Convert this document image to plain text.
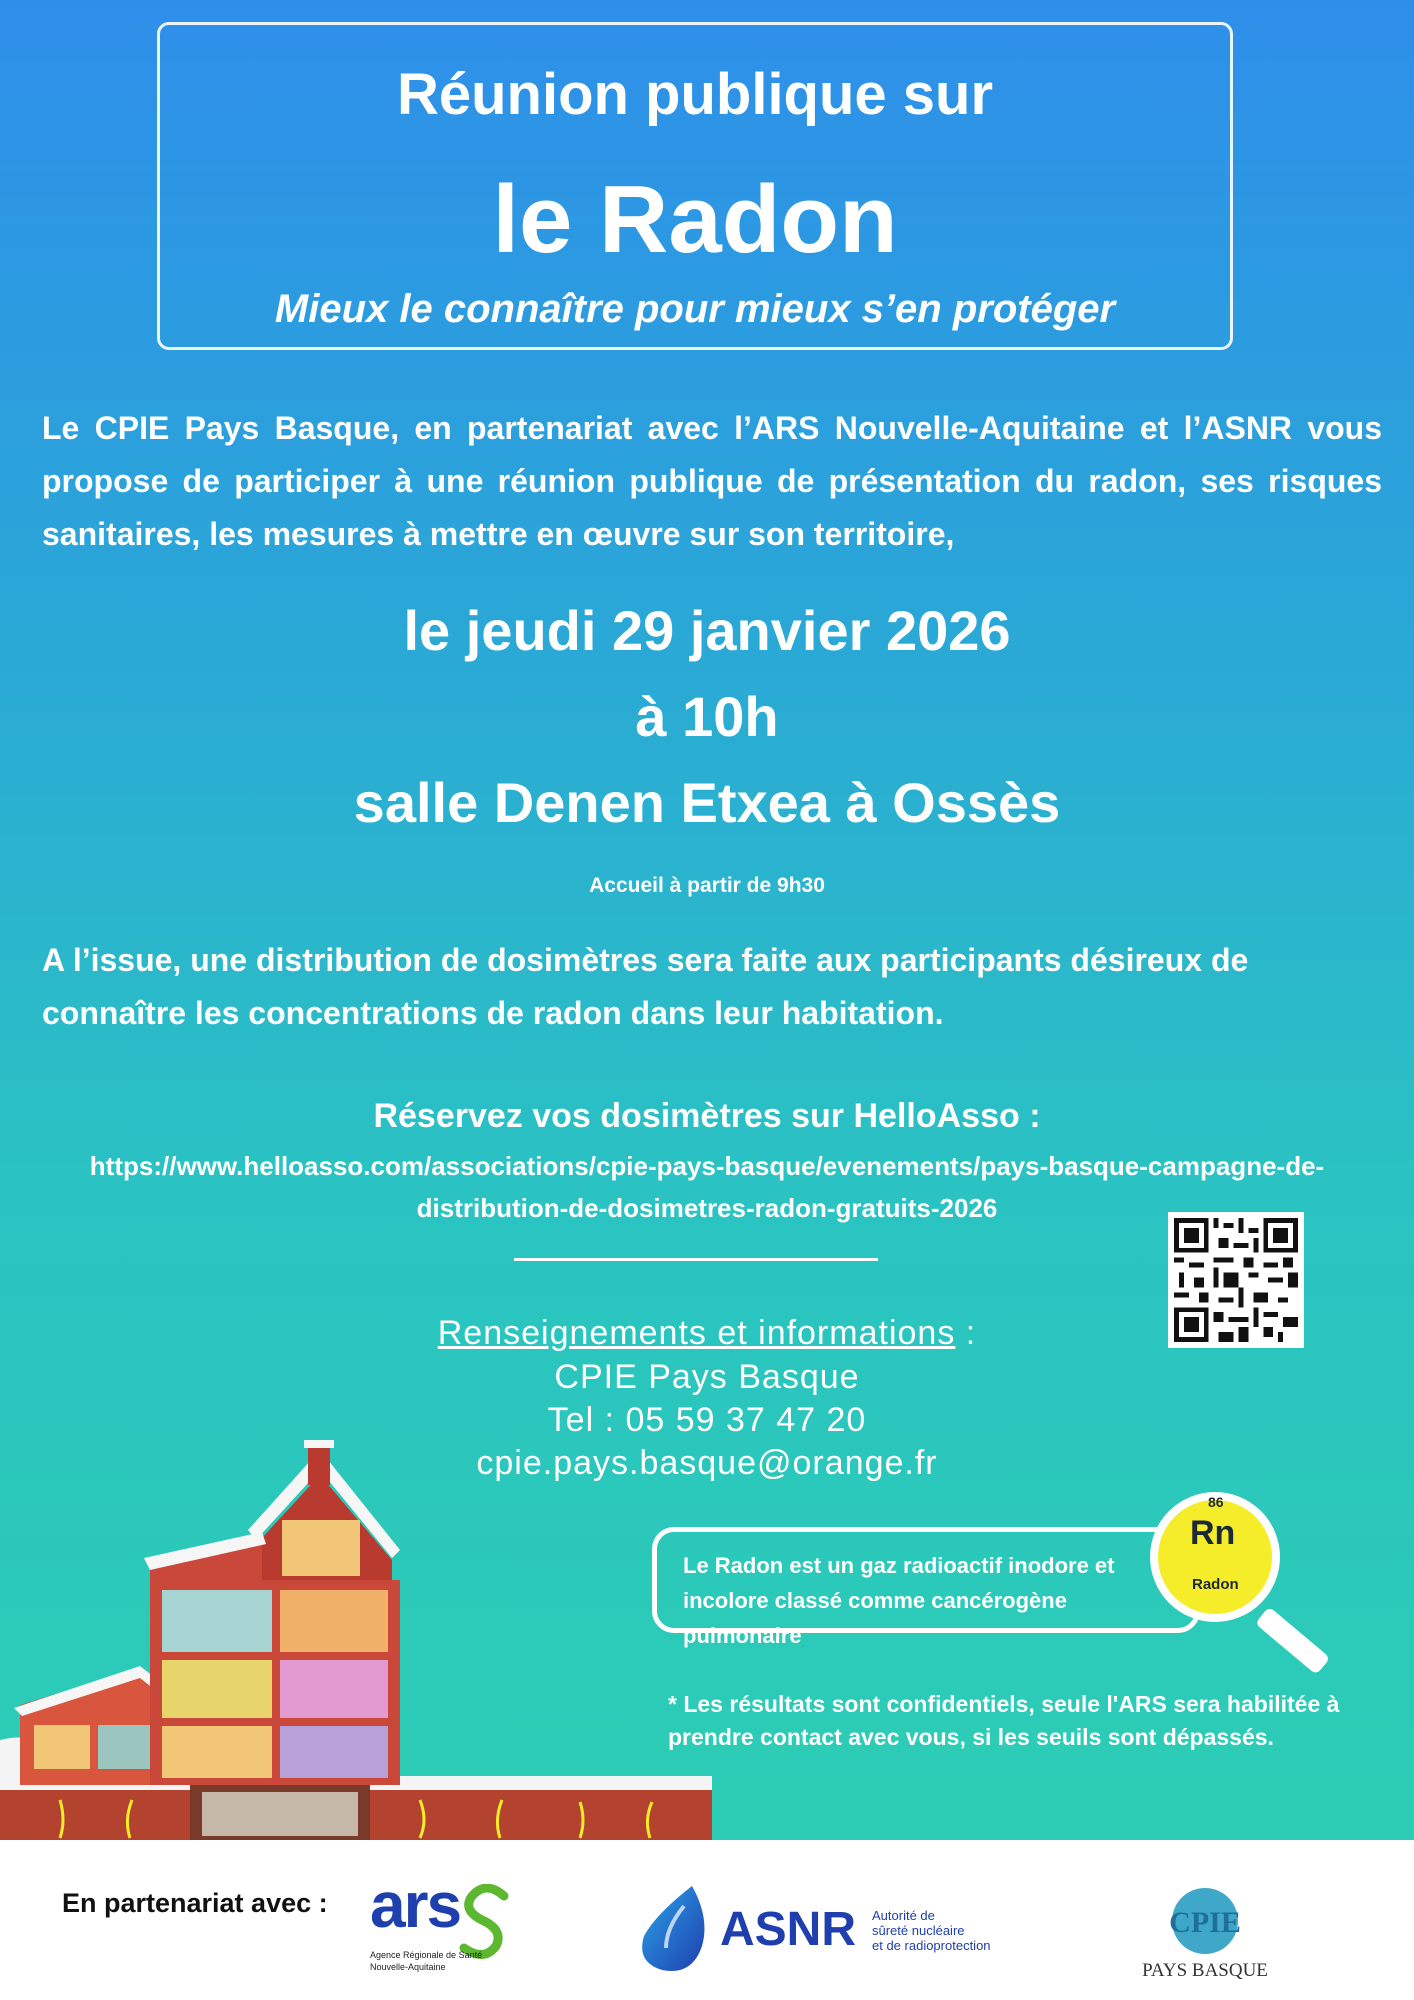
Réunion publique sur
le Radon
Mieux le connaître pour mieux s’en protéger
Le CPIE Pays Basque, en partenariat avec l’ARS Nouvelle-Aquitaine et l’ASNR vous propose de participer à une réunion publique de présentation du radon, ses risques sanitaires, les mesures à mettre en œuvre sur son territoire,
le jeudi 29 janvier 2026
à 10h
salle Denen Etxea à Ossès
Accueil à partir de 9h30
A l’issue, une distribution de dosimètres sera faite aux participants désireux de connaître les concentrations de radon dans leur habitation.
Réservez vos dosimètres sur HelloAsso :
https://www.helloasso.com/associations/cpie-pays-basque/evenements/pays-basque-campagne-de-
distribution-de-dosimetres-radon-gratuits-2026
Renseignements et informations :
CPIE Pays Basque
Tel : 05 59 37 47 20
cpie.pays.basque@orange.fr
Le Radon est un gaz radioactif inodore et
incolore classé comme cancérogène pulmonaire
86
Rn
Radon
* Les résultats sont confidentiels, seule l'ARS sera habilitée à prendre contact avec vous, si les seuils sont dépassés.
En partenariat avec : ars
Agence Régionale de Santé
Nouvelle-Aquitaine
ASNR Autorité de
sûreté nucléaire
et de radioprotection
CPIE
PAYS BASQUE
